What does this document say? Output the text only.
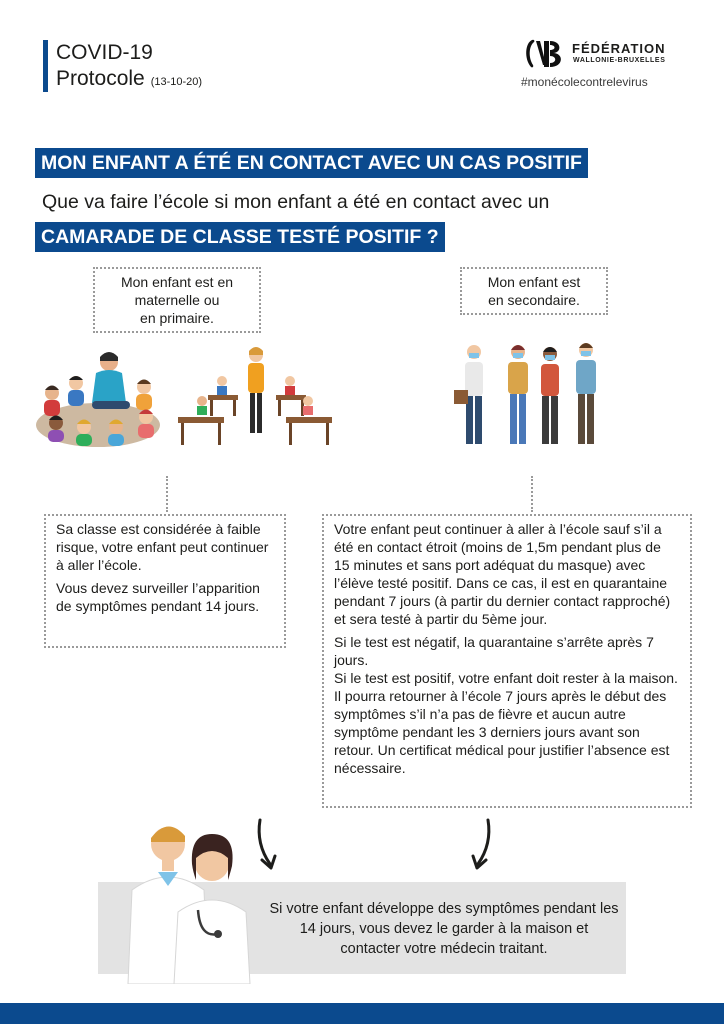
COVID-19
Protocole (13-10-20)
FÉDÉRATION
WALLONIE-BRUXELLES
#monécolecontrelevirus
MON ENFANT A ÉTÉ EN CONTACT AVEC UN CAS POSITIF
Que va faire l’école si mon enfant a été en contact avec un
CAMARADE DE CLASSE TESTÉ POSITIF ?
Mon enfant est en
maternelle ou
en primaire.
Mon enfant est
en secondaire.

Sa classe est considérée à faible risque, votre enfant peut continuer à aller l’école.

Vous devez surveiller l’apparition de symptômes pendant 14 jours.

Votre enfant peut continuer à aller à l’école sauf s’il a été en contact étroit (moins de 1,5m pendant plus de 15 minutes et sans port adéquat du masque) avec l’élève testé positif. Dans ce cas, il est en quarantaine pendant 7 jours (à partir du dernier contact rapproché) et sera testé à partir du 5ème jour.

Si le test est négatif, la quarantaine s’arrête après 7 jours.

Si le test est positif, votre enfant doit rester à la maison. Il pourra retourner à l’école 7 jours après le début des symptômes s’il n’a pas de fièvre et aucun autre symptôme pendant les 3 derniers jours avant son retour. Un certificat médical pour justifier l’absence est nécessaire.

Si votre enfant développe des symptômes pendant les 14 jours, vous devez le garder à la maison et contacter votre médecin traitant.
